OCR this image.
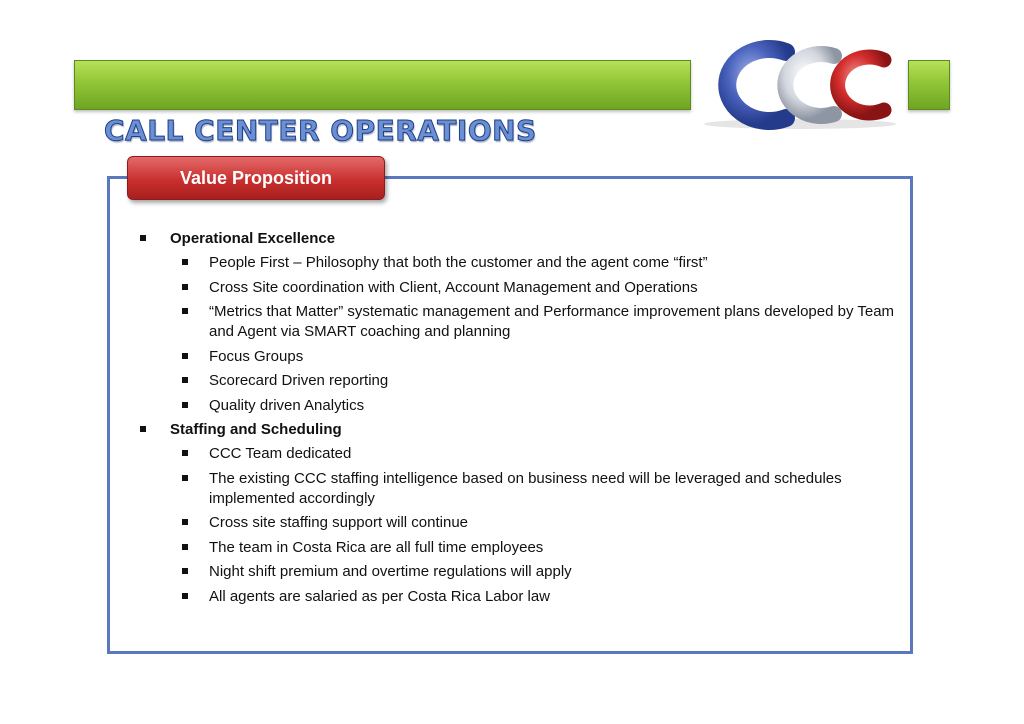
CALL CENTER OPERATIONS
Value Proposition
Operational Excellence
People First – Philosophy that both the customer and the agent come “first”
Cross Site coordination with Client, Account Management and Operations
“Metrics that Matter” systematic management and Performance improvement plans developed by Team and Agent via SMART coaching and planning
Focus Groups
Scorecard Driven reporting
Quality driven Analytics
Staffing and Scheduling
CCC Team dedicated
The existing CCC staffing intelligence based on business need will be leveraged and schedules implemented accordingly
Cross site staffing support will continue
The team in Costa Rica are all full time employees
Night shift premium and overtime regulations will apply
All agents are salaried as per Costa Rica Labor law
